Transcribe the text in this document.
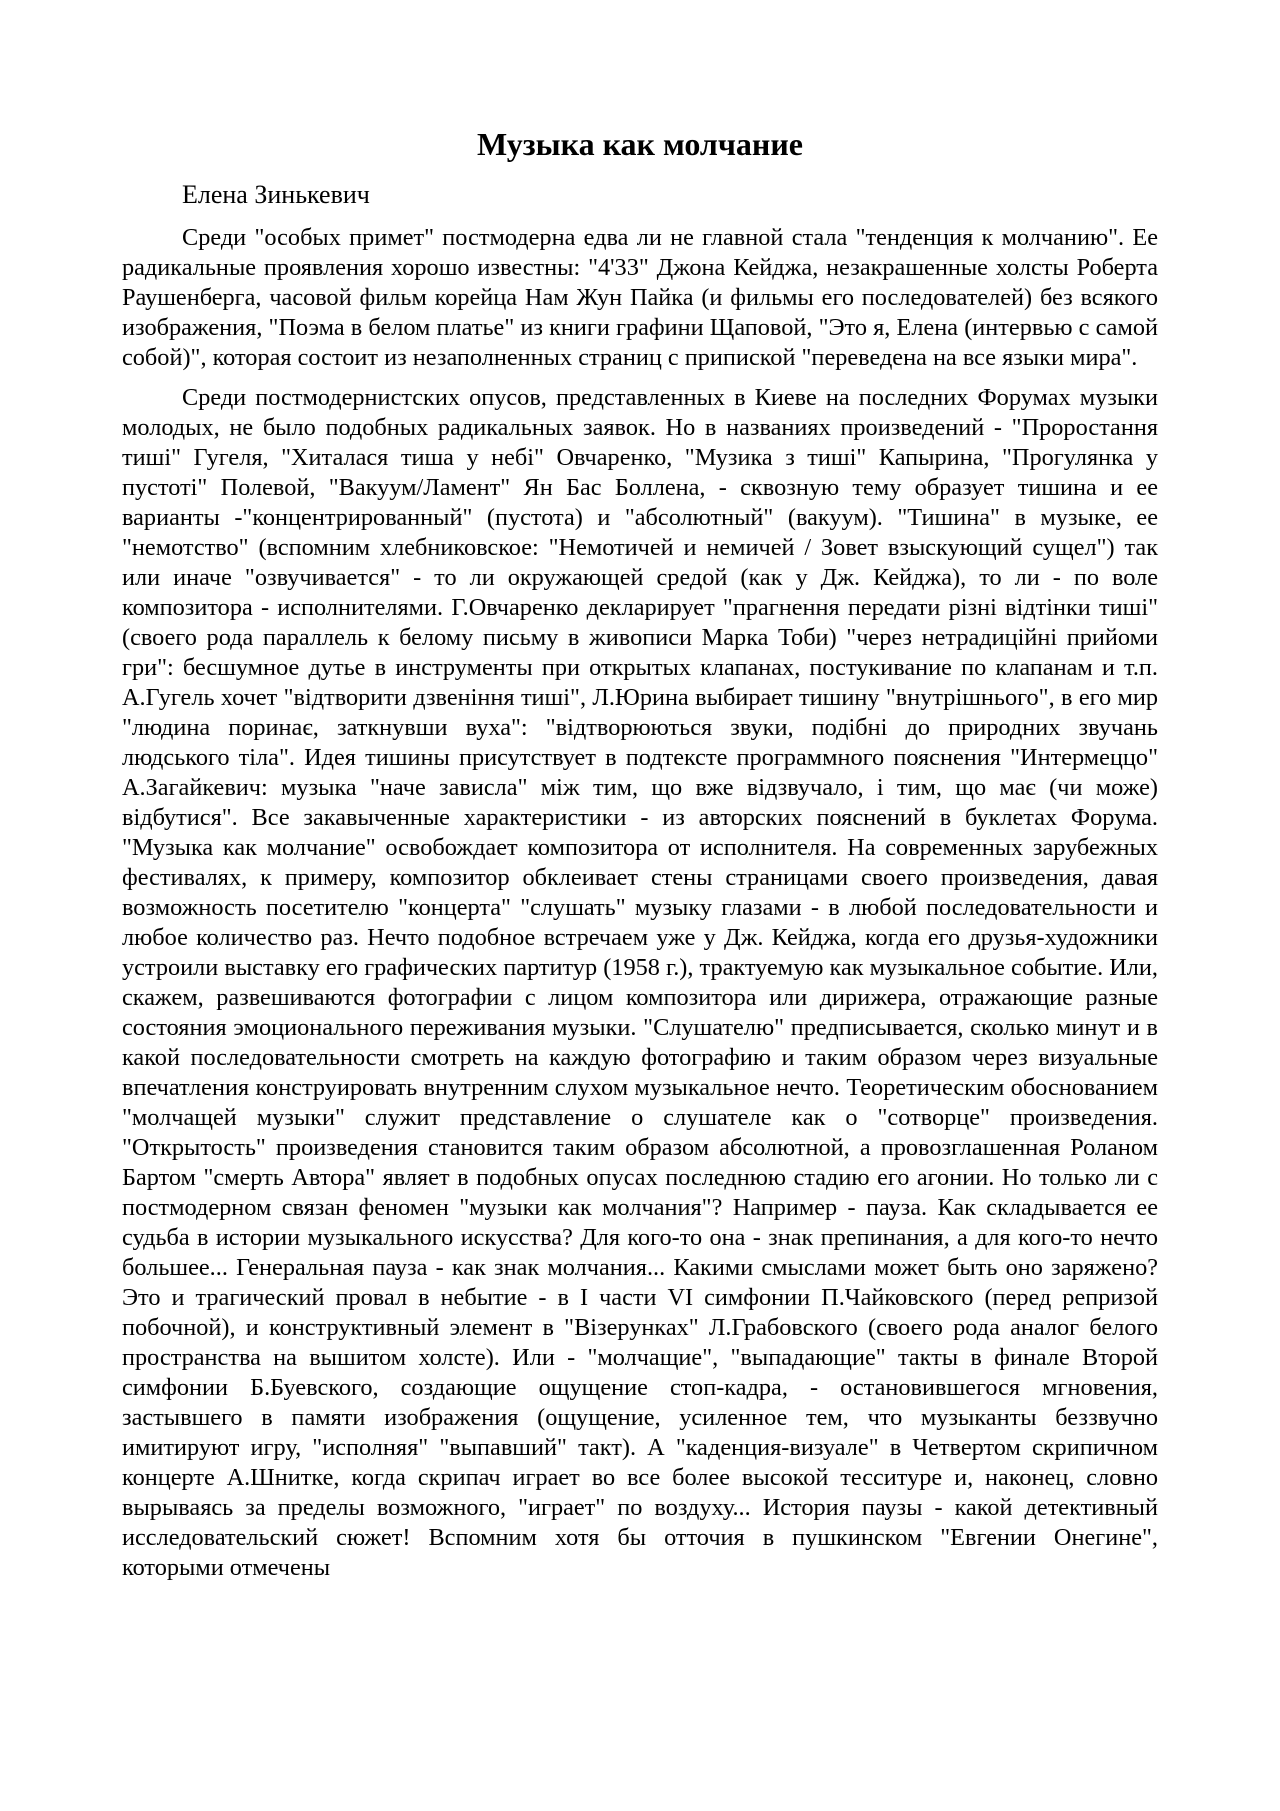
Музыка как молчание

Елена Зинькевич

Среди "особых примет" постмодерна едва ли не главной стала "тенденция к молчанию". Ее радикальные проявления хорошо известны: "4'33" Джона Кейджа, незакрашенные холсты Роберта Раушенберга, часовой фильм корейца Нам Жун Пайка (и фильмы его последователей) без всякого изображения, "Поэма в белом платье" из книги графини Щаповой, "Это я, Елена (интервью с самой собой)", которая состоит из незаполненных страниц с припиской "переведена на все языки мира".

Среди постмодернистских опусов, представленных в Киеве на последних Форумах музыки молодых, не было подобных радикальных заявок. Но в названиях произведений - "Проростання тиші" Гугеля, "Хиталася тиша у небі" Овчаренко, "Музика з тиші" Капырина, "Прогулянка у пустоті" Полевой, "Вакуум/Ламент" Ян Бас Боллена, - сквозную тему образует тишина и ее варианты -"концентрированный" (пустота) и "абсолютный" (вакуум). "Тишина" в музыке, ее "немотство" (вспомним хлебниковское: "Немотичей и немичей / Зовет взыскующий сущел") так или иначе "озвучивается" - то ли окружающей средой (как у Дж. Кейджа), то ли - по воле композитора - исполнителями. Г.Овчаренко декларирует "прагнення передати різні відтінки тиші" (своего рода параллель к белому письму в живописи Марка Тоби) "через нетрадиційні прийоми гри": бесшумное дутье в инструменты при открытых клапанах, постукивание по клапанам и т.п. А.Гугель хочет "відтворити дзвеніння тиші", Л.Юрина выбирает тишину "внутрішнього", в его мир "людина поринає, заткнувши вуха": "відтворюються звуки, подібні до природних звучань людського тіла". Идея тишины присутствует в подтексте программного пояснения "Интермеццо" А.Загайкевич: музыка "наче зависла" між тим, що вже відзвучало, і тим, що має (чи може) відбутися". Все закавыченные характеристики - из авторских пояснений в буклетах Форума. "Музыка как молчание" освобождает композитора от исполнителя. На современных зарубежных фестивалях, к примеру, композитор обклеивает стены страницами своего произведения, давая возможность посетителю "концерта" "слушать" музыку глазами - в любой последовательности и любое количество раз. Нечто подобное встречаем уже у Дж. Кейджа, когда его друзья-художники устроили выставку его графических партитур (1958 г.), трактуемую как музыкальное событие. Или, скажем, развешиваются фотографии с лицом композитора или дирижера, отражающие разные состояния эмоционального переживания музыки. "Слушателю" предписывается, сколько минут и в какой последовательности смотреть на каждую фотографию и таким образом через визуальные впечатления конструировать внутренним слухом музыкальное нечто. Теоретическим обоснованием "молчащей музыки" служит представление о слушателе как о "сотворце" произведения. "Открытость" произведения становится таким образом абсолютной, а провозглашенная Роланом Бартом "смерть Автора" являет в подобных опусах последнюю стадию его агонии. Но только ли с постмодерном связан феномен "музыки как молчания"? Например - пауза. Как складывается ее судьба в истории музыкального искусства? Для кого-то она - знак препинания, а для кого-то нечто большее... Генеральная пауза - как знак молчания... Какими смыслами может быть оно заряжено? Это и трагический провал в небытие - в I части VI симфонии П.Чайковского (перед репризой побочной), и конструктивный элемент в "Візерунках" Л.Грабовского (своего рода аналог белого пространства на вышитом холсте). Или - "молчащие", "выпадающие" такты в финале Второй симфонии Б.Буевского, создающие ощущение стоп-кадра, - остановившегося мгновения, застывшего в памяти изображения (ощущение, усиленное тем, что музыканты беззвучно имитируют игру, "исполняя" "выпавший" такт). А "каденция-визуале" в Четвертом скрипичном концерте А.Шнитке, когда скрипач играет во все более высокой тесситуре и, наконец, словно вырываясь за пределы возможного, "играет" по воздуху... История паузы - какой детективный исследовательский сюжет! Вспомним хотя бы отточия в пушкинском "Евгении Онегине", которыми отмечены
